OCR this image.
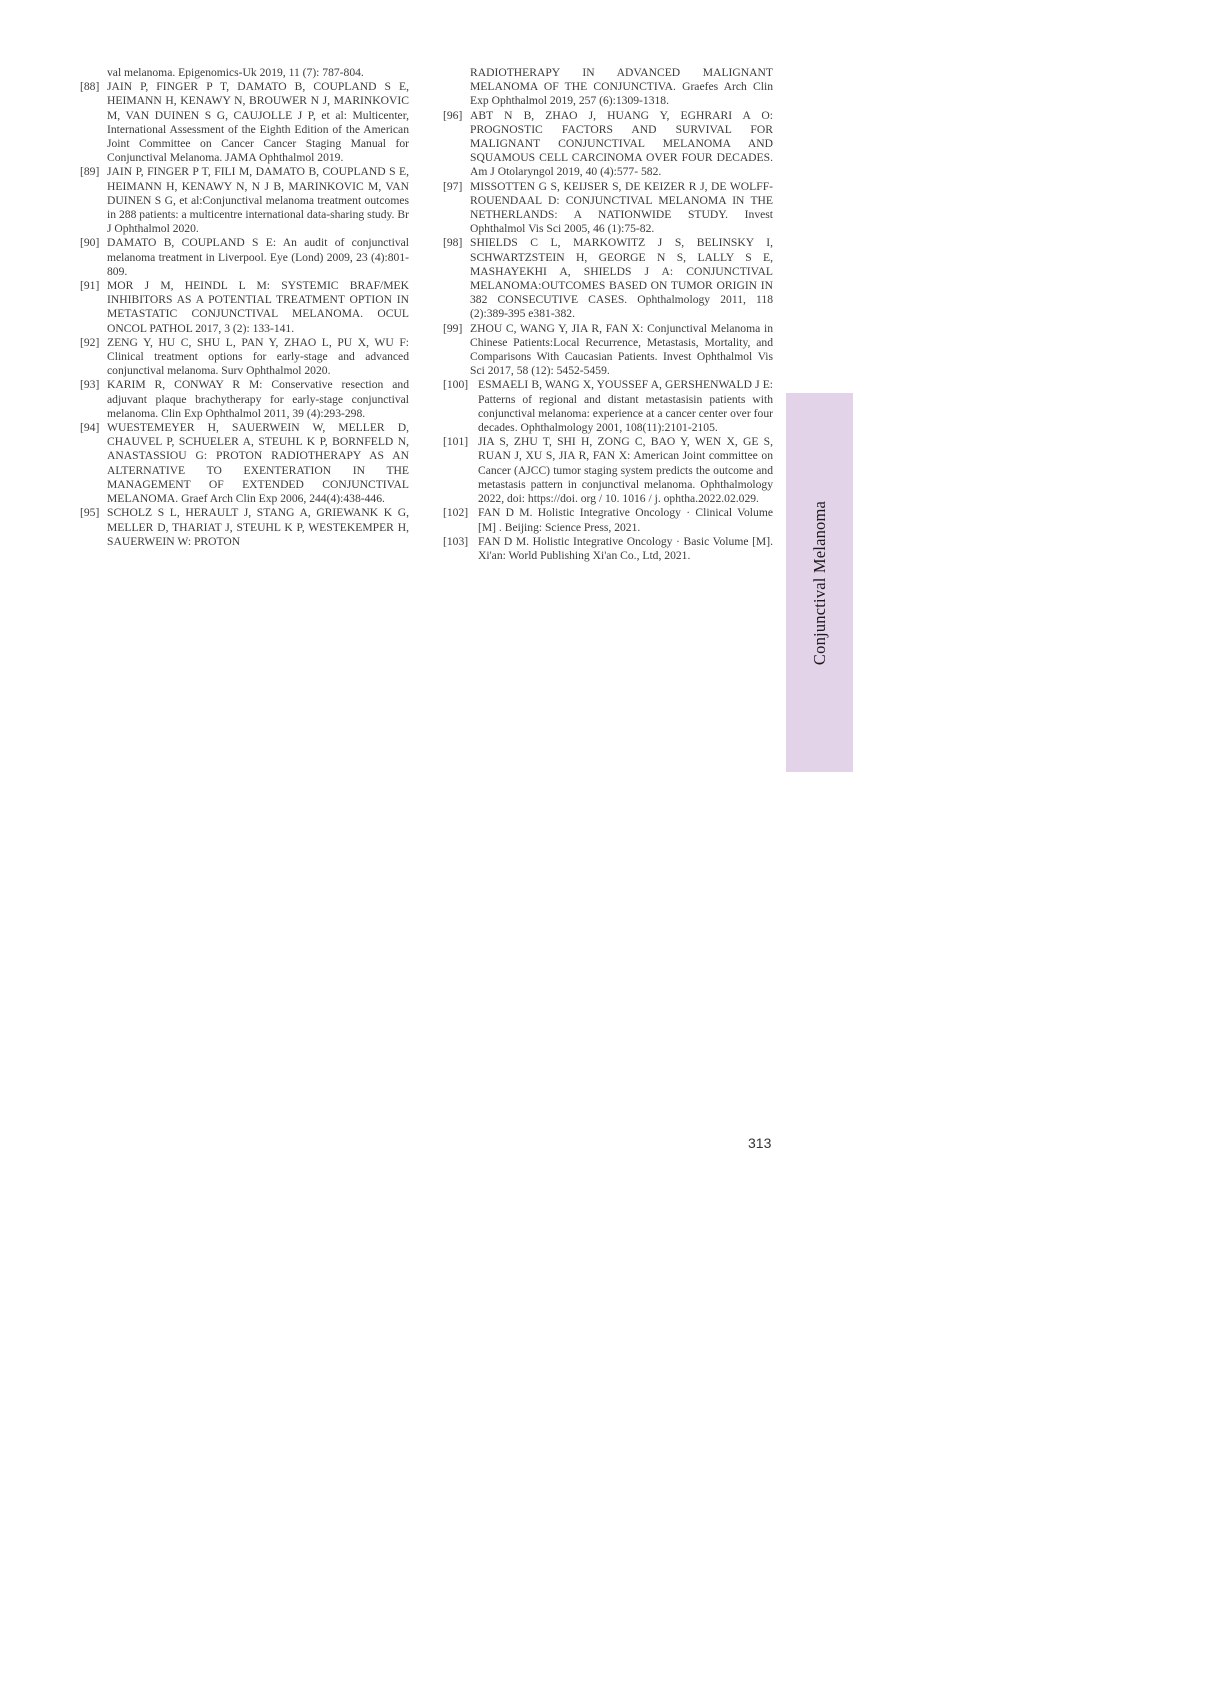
val melanoma. Epigenomics-Uk 2019, 11 (7): 787-804.

[88] JAIN P, FINGER P T, DAMATO B, COUPLAND S E, HEIMANN H, KENAWY N, BROUWER N J, MARINKOVIC M, VAN DUINEN S G, CAUJOLLE J P, et al: Multicenter, International Assessment of the Eighth Edition of the American Joint Committee on Cancer Cancer Staging Manual for Conjunctival Melanoma. JAMA Ophthalmol 2019.

[89] JAIN P, FINGER P T, FILI M, DAMATO B, COUPLAND S E, HEIMANN H, KENAWY N, N J B, MARINKOVIC M, VAN DUINEN S G, et al:Conjunctival melanoma treatment outcomes in 288 patients: a multicentre international data-sharing study. Br J Ophthalmol 2020.

[90] DAMATO B, COUPLAND S E: An audit of conjunctival melanoma treatment in Liverpool. Eye (Lond) 2009, 23 (4):801-809.

[91] MOR J M, HEINDL L M: SYSTEMIC BRAF/MEK INHIBITORS AS A POTENTIAL TREATMENT OPTION IN METASTATIC CONJUNCTIVAL MELANOMA. OCUL ONCOL PATHOL 2017, 3 (2): 133-141.

[92] ZENG Y, HU C, SHU L, PAN Y, ZHAO L, PU X, WU F: Clinical treatment options for early-stage and advanced conjunctival melanoma. Surv Ophthalmol 2020.

[93] KARIM R, CONWAY R M: Conservative resection and adjuvant plaque brachytherapy for early-stage conjunctival melanoma. Clin Exp Ophthalmol 2011, 39 (4):293-298.

[94] WUESTEMEYER H, SAUERWEIN W, MELLER D, CHAUVEL P, SCHUELER A, STEUHL K P, BORNFELD N, ANASTASSIOU G: PROTON RADIOTHERAPY AS AN ALTERNATIVE TO EXENTERATION IN THE MANAGEMENT OF EXTENDED CONJUNCTIVAL MELANOMA. Graef Arch Clin Exp 2006, 244(4):438-446.

[95] SCHOLZ S L, HERAULT J, STANG A, GRIEWANK K G, MELLER D, THARIAT J, STEUHL K P, WESTEKEMPER H, SAUERWEIN W: PROTON

RADIOTHERAPY IN ADVANCED MALIGNANT MELANOMA OF THE CONJUNCTIVA. Graefes Arch Clin Exp Ophthalmol 2019, 257 (6):1309-1318.

[96] ABT N B, ZHAO J, HUANG Y, EGHRARI A O: PROGNOSTIC FACTORS AND SURVIVAL FOR MALIGNANT CONJUNCTIVAL MELANOMA AND SQUAMOUS CELL CARCINOMA OVER FOUR DECADES. Am J Otolaryngol 2019, 40 (4):577- 582.

[97] MISSOTTEN G S, KEIJSER S, DE KEIZER R J, DE WOLFF-ROUENDAAL D: CONJUNCTIVAL MELANOMA IN THE NETHERLANDS: A NATIONWIDE STUDY. Invest Ophthalmol Vis Sci 2005, 46 (1):75-82.

[98] SHIELDS C L, MARKOWITZ J S, BELINSKY I, SCHWARTZSTEIN H, GEORGE N S, LALLY S E, MASHAYEKHI A, SHIELDS J A: CONJUNCTIVAL MELANOMA:OUTCOMES BASED ON TUMOR ORIGIN IN 382 CONSECUTIVE CASES. Ophthalmology 2011, 118 (2):389-395 e381-382.

[99] ZHOU C, WANG Y, JIA R, FAN X: Conjunctival Melanoma in Chinese Patients:Local Recurrence, Metastasis, Mortality, and Comparisons With Caucasian Patients. Invest Ophthalmol Vis Sci 2017, 58 (12): 5452-5459.

[100] ESMAELI B, WANG X, YOUSSEF A, GERSHENWALD J E: Patterns of regional and distant metastasisin patients with conjunctival melanoma: experience at a cancer center over four decades. Ophthalmology 2001, 108(11):2101-2105.

[101] JIA S, ZHU T, SHI H, ZONG C, BAO Y, WEN X, GE S, RUAN J, XU S, JIA R, FAN X: American Joint committee on Cancer (AJCC) tumor staging system predicts the outcome and metastasis pattern in conjunctival melanoma. Ophthalmology 2022, doi: https://doi. org / 10. 1016 / j. ophtha.2022.02.029.

[102] FAN D M. Holistic Integrative Oncology · Clinical Volume [M] . Beijing: Science Press, 2021.

[103] FAN D M. Holistic Integrative Oncology · Basic Volume [M]. Xi'an: World Publishing Xi'an Co., Ltd, 2021.	Conjunctival Melanoma
313
